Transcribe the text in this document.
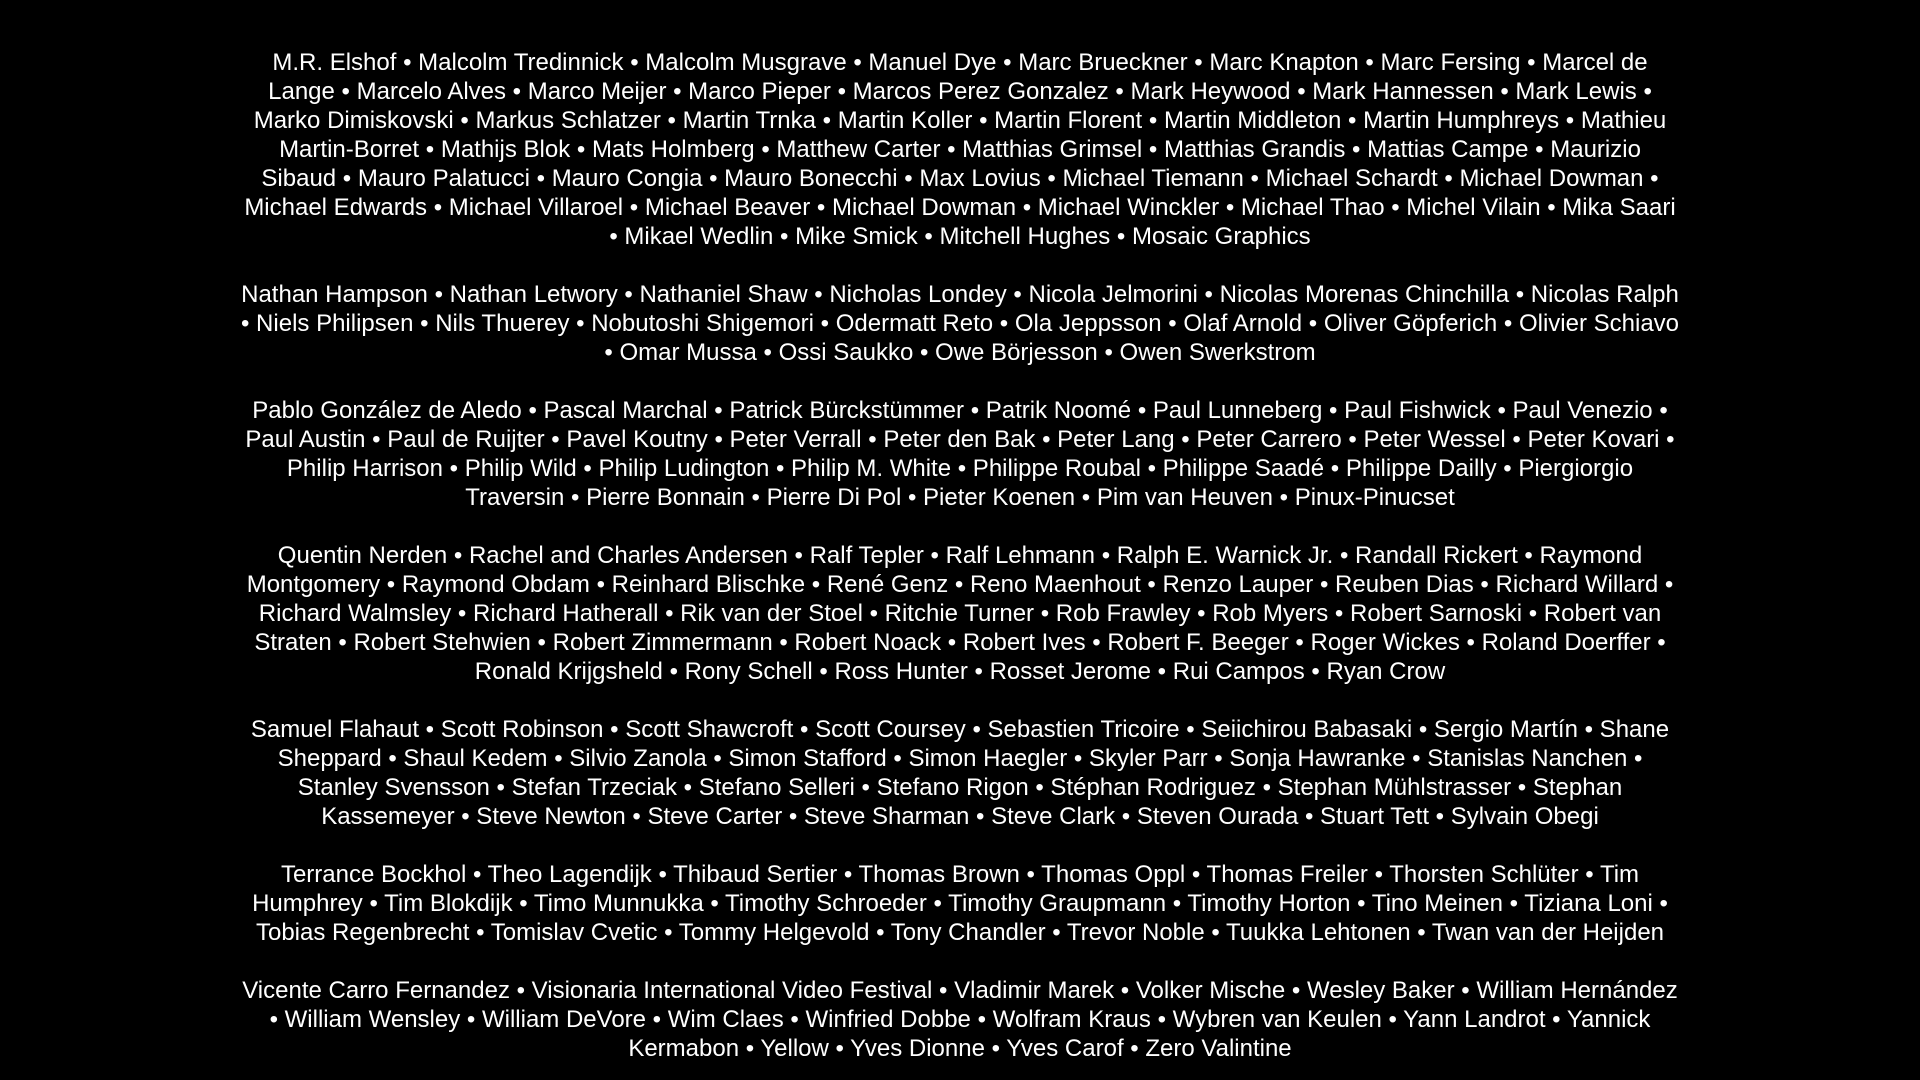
M.R. Elshof • Malcolm Tredinnick • Malcolm Musgrave • Manuel Dye • Marc Brueckner • Marc Knapton • Marc Fersing • Marcel de Lange • Marcelo Alves • Marco Meijer • Marco Pieper • Marcos Perez Gonzalez • Mark Heywood • Mark Hannessen • Mark Lewis • Marko Dimiskovski • Markus Schlatzer • Martin Trnka • Martin Koller • Martin Florent • Martin Middleton • Martin Humphreys • Mathieu Martin-Borret • Mathijs Blok • Mats Holmberg • Matthew Carter • Matthias Grimsel • Matthias Grandis • Mattias Campe • Maurizio Sibaud • Mauro Palatucci • Mauro Congia • Mauro Bonecchi • Max Lovius • Michael Tiemann • Michael Schardt • Michael Dowman • Michael Edwards • Michael Villaroel • Michael Beaver • Michael Dowman • Michael Winckler • Michael Thao • Michel Vilain • Mika Saari • Mikael Wedlin • Mike Smick • Mitchell Hughes • Mosaic Graphics

Nathan Hampson • Nathan Letwory • Nathaniel Shaw • Nicholas Londey • Nicola Jelmorini • Nicolas Morenas Chinchilla • Nicolas Ralph • Niels Philipsen • Nils Thuerey • Nobutoshi Shigemori • Odermatt Reto • Ola Jeppsson • Olaf Arnold • Oliver Göpferich • Olivier Schiavo • Omar Mussa • Ossi Saukko • Owe Börjesson • Owen Swerkstrom

Pablo González de Aledo • Pascal Marchal • Patrick Bürckstümmer • Patrik Noomé • Paul Lunneberg • Paul Fishwick • Paul Venezio • Paul Austin • Paul de Ruijter • Pavel Koutny • Peter Verrall • Peter den Bak • Peter Lang • Peter Carrero • Peter Wessel • Peter Kovari • Philip Harrison • Philip Wild • Philip Ludington • Philip M. White • Philippe Roubal • Philippe Saadé • Philippe Dailly • Piergiorgio Traversin • Pierre Bonnain • Pierre Di Pol • Pieter Koenen • Pim van Heuven • Pinux-Pinucset

Quentin Nerden • Rachel and Charles Andersen • Ralf Tepler • Ralf Lehmann • Ralph E. Warnick Jr. • Randall Rickert • Raymond Montgomery • Raymond Obdam • Reinhard Blischke • René Genz • Reno Maenhout • Renzo Lauper • Reuben Dias • Richard Willard • Richard Walmsley • Richard Hatherall • Rik van der Stoel • Ritchie Turner • Rob Frawley • Rob Myers • Robert Sarnoski • Robert van Straten • Robert Stehwien • Robert Zimmermann • Robert Noack • Robert Ives • Robert F. Beeger • Roger Wickes • Roland Doerffer • Ronald Krijgsheld • Rony Schell • Ross Hunter • Rosset Jerome • Rui Campos • Ryan Crow

Samuel Flahaut • Scott Robinson • Scott Shawcroft • Scott Coursey • Sebastien Tricoire • Seiichirou Babasaki • Sergio Martín • Shane Sheppard • Shaul Kedem • Silvio Zanola • Simon Stafford • Simon Haegler • Skyler Parr • Sonja Hawranke • Stanislas Nanchen • Stanley Svensson • Stefan Trzeciak • Stefano Selleri • Stefano Rigon • Stéphan Rodriguez • Stephan Mühlstrasser • Stephan Kassemeyer • Steve Newton • Steve Carter • Steve Sharman • Steve Clark • Steven Ourada • Stuart Tett • Sylvain Obegi

Terrance Bockhol • Theo Lagendijk • Thibaud Sertier • Thomas Brown • Thomas Oppl • Thomas Freiler • Thorsten Schlüter • Tim Humphrey • Tim Blokdijk • Timo Munnukka • Timothy Schroeder • Timothy Graupmann • Timothy Horton • Tino Meinen • Tiziana Loni • Tobias Regenbrecht • Tomislav Cvetic • Tommy Helgevold • Tony Chandler • Trevor Noble • Tuukka Lehtonen • Twan van der Heijden

Vicente Carro Fernandez • Visionaria International Video Festival • Vladimir Marek • Volker Mische • Wesley Baker • William Hernández • William Wensley • William DeVore • Wim Claes • Winfried Dobbe • Wolfram Kraus • Wybren van Keulen • Yann Landrot • Yannick Kermabon • Yellow • Yves Dionne • Yves Carof • Zero Valintine
